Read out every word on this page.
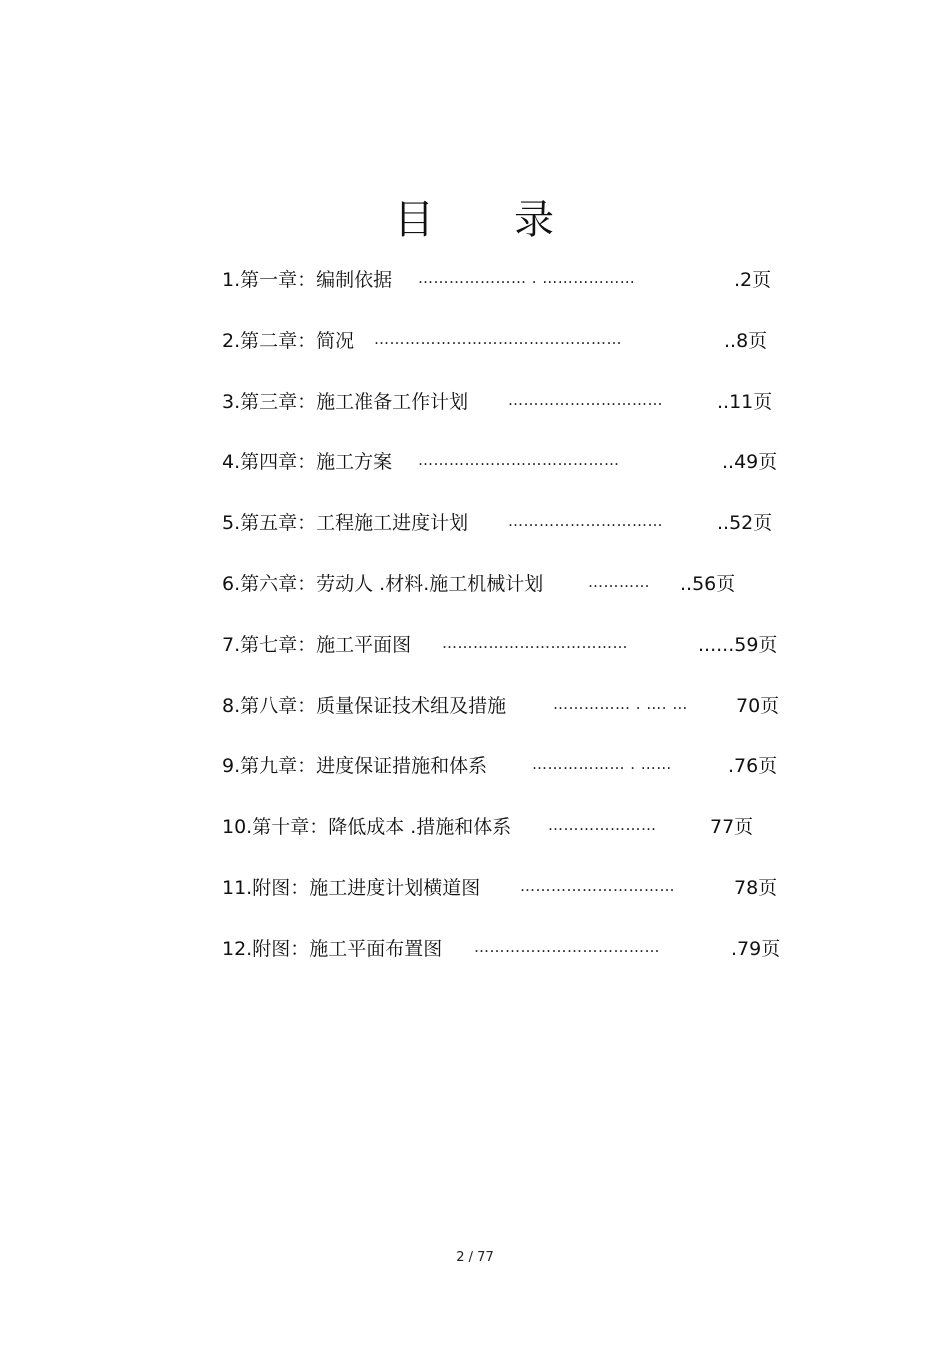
目 录
1.第一章：编制依据 ………………… . ………………	.2页
2.第二章：简况 …………………………………………	..8页
3.第三章：施工准备工作计划	…………………………	..11页
4.第四章：施工方案 …………………………………	..49页
5.第五章：工程施工进度计划	…………………………	..52页
6.第六章：劳动人 .材料.施工机械计划	………… ..56页
7.第七章：施工平面图 ………………………………	......59页
8.第八章：质量保证技术组及措施	…………… . …. …	70页
9.第九章：进度保证措施和体系	……………… . ……	.76页
10.第十章：降低成本 .措施和体系 …………………	77页
11.附图：施工进度计划横道图	…………………………	78页
12.附图：施工平面布置图 ………………………………	.79页
2 / 77
